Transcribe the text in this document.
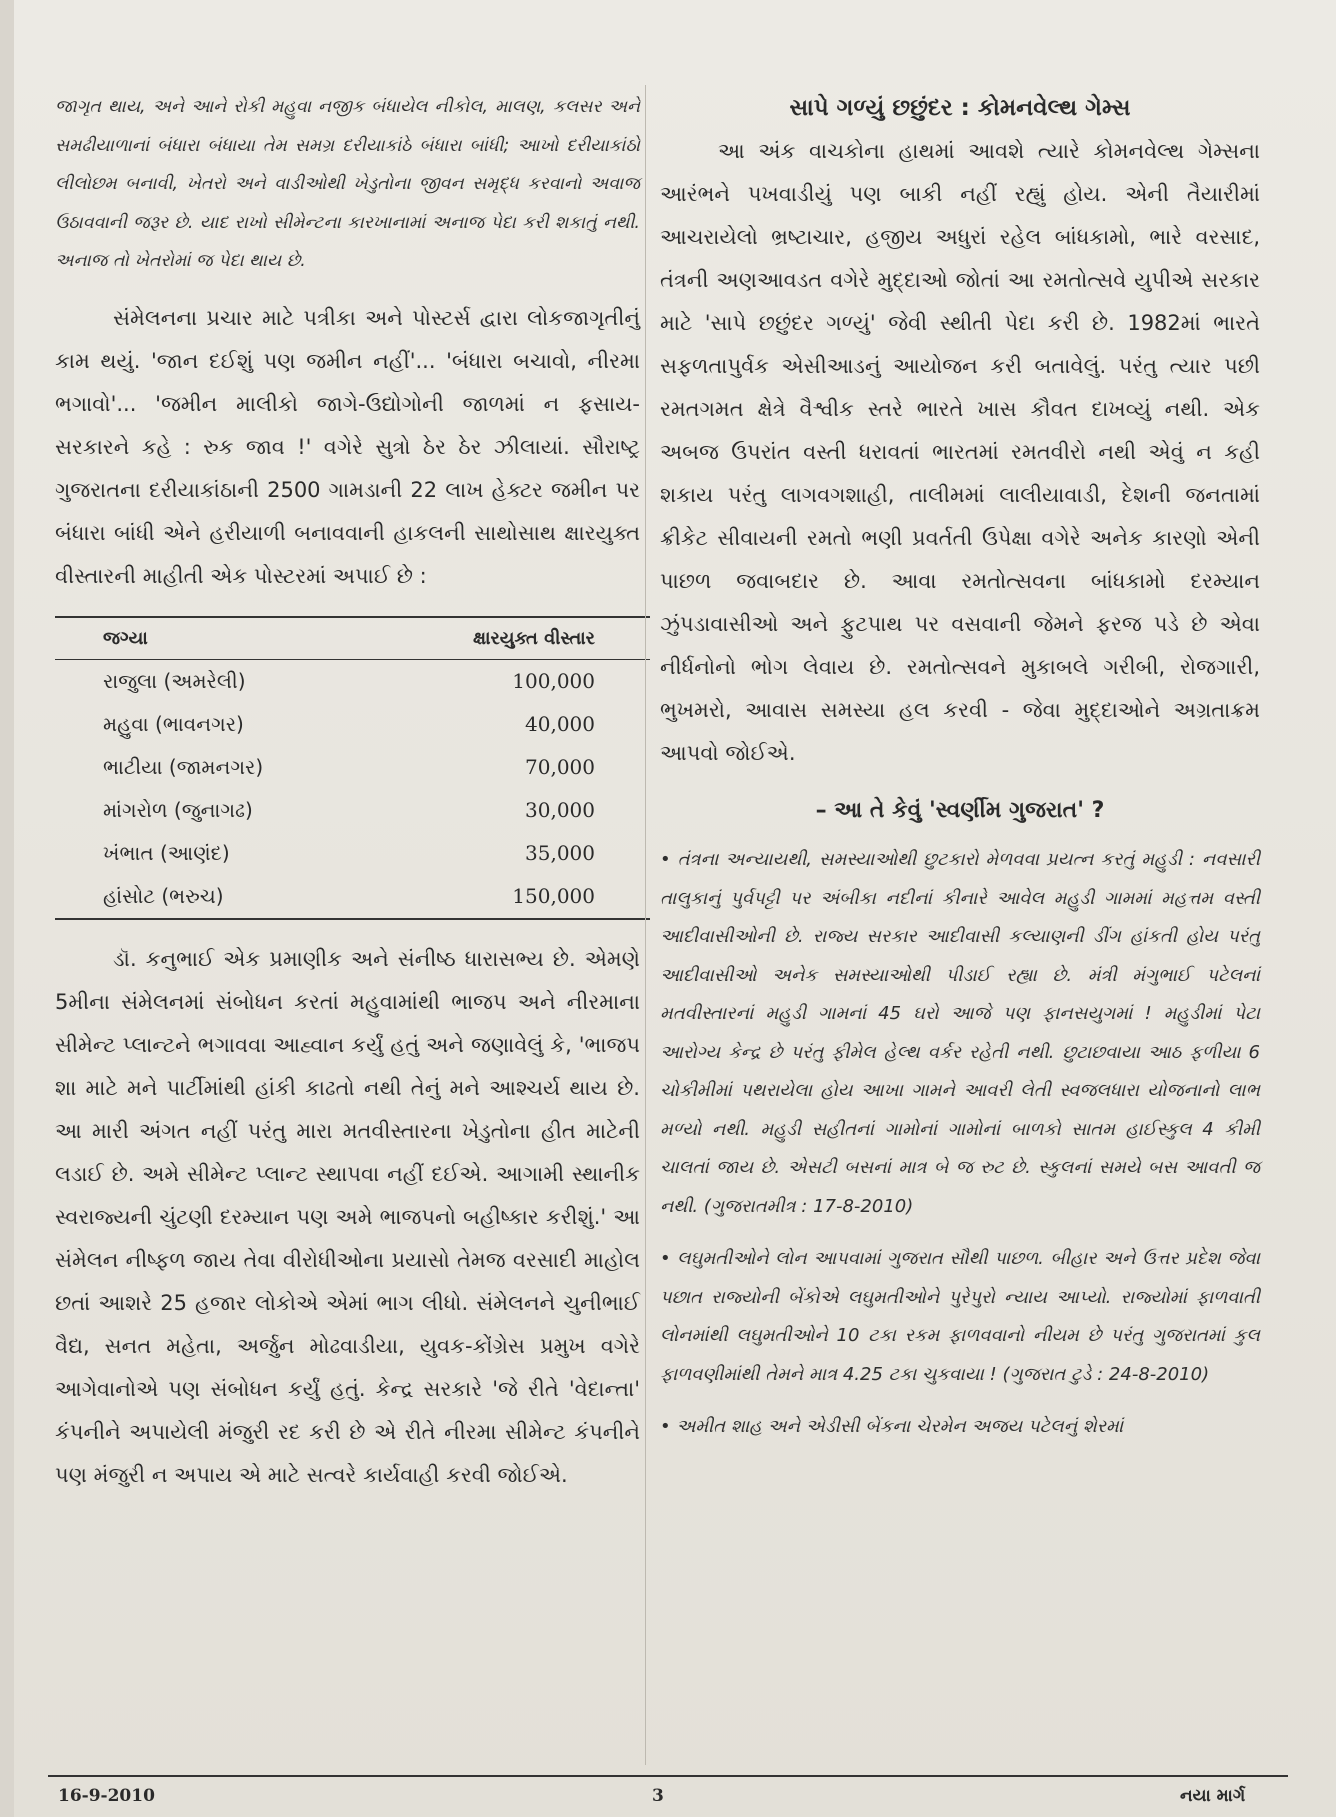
જાગૃત થાય, અને આને રોકી મહુવા નજીક બંધાયેલ નીકોલ, માલણ, કલસર અને સમઢીયાળાનાં બંધારા બંધાયા તેમ સમગ્ર દરીયાકાંઠે બંધારા બાંધી; આખો દરીયાકાંઠો લીલોછમ બનાવી, ખેતરો અને વાડીઓથી ખેડુતોના જીવન સમૃદ્ધ કરવાનો અવાજ ઉઠાવવાની જરૂર છે. યાદ રાખો સીમેન્ટના કારખાનામાં અનાજ પેદા કરી શકાતું નથી. અનાજ તો ખેતરોમાં જ પેદા થાય છે.

સંમેલનના પ્રચાર માટે પત્રીકા અને પોસ્ટર્સ દ્વારા લોકજાગૃતીનું કામ થયું. 'જાન દઈશું પણ જમીન નહીં'... 'બંધારા બચાવો, નીરમા ભગાવો'... 'જમીન માલીકો જાગે-ઉદ્યોગોની જાળમાં ન ફસાય-સરકારને કહે : રુક જાવ !' વગેરે સુત્રો ઠેર ઠેર ઝીલાયાં. સૌરાષ્ટ્ર ગુજરાતના દરીયાકાંઠાની 2500 ગામડાની 22 લાખ હેક્ટર જમીન પર બંધારા બાંધી એને હરીયાળી બનાવવાની હાકલની સાથોસાથ ક્ષારયુક્ત વીસ્તારની માહીતી એક પોસ્ટરમાં અપાઈ છે :

જગ્યા	ક્ષારયુક્ત વીસ્તાર
રાજુલા (અમરેલી)	100,000
મહુવા (ભાવનગર)	40,000
ભાટીયા (જામનગર)	70,000
માંગરોળ (જુનાગઢ)	30,000
ખંભાત (આણંદ)	35,000
હાંસોટ (ભરુચ)	150,000

ડૉ. કનુભાઈ એક પ્રમાણીક અને સંનીષ્ઠ ધારાસભ્ય છે. એમણે 5મીના સંમેલનમાં સંબોધન કરતાં મહુવામાંથી ભાજપ અને નીરમાના સીમેન્ટ પ્લાન્ટને ભગાવવા આહ્વાન કર્યું હતું અને જણાવેલું કે, 'ભાજપ શા માટે મને પાર્ટીમાંથી હાંકી કાઢતો નથી તેનું મને આશ્ચર્ય થાય છે. આ મારી અંગત નહીં પરંતુ મારા મતવીસ્તારના ખેડુતોના હીત માટેની લડાઈ છે. અમે સીમેન્ટ પ્લાન્ટ સ્થાપવા નહીં દઈએ. આગામી સ્થાનીક સ્વરાજ્યની ચુંટણી દરમ્યાન પણ અમે ભાજપનો બહીષ્કાર કરીશું.' આ સંમેલન નીષ્ફળ જાય તેવા વીરોધીઓના પ્રયાસો તેમજ વરસાદી માહોલ છતાં આશરે 25 હજાર લોકોએ એમાં ભાગ લીધો. સંમેલનને ચુનીભાઈ વૈદ્ય, સનત મહેતા, અર્જુન મોઢવાડીયા, યુવક-કોંગ્રેસ પ્રમુખ વગેરે આગેવાનોએ પણ સંબોધન કર્યું હતું. કેન્દ્ર સરકારે 'જે રીતે 'વેદાન્તા' કંપનીને અપાયેલી મંજુરી રદ કરી છે એ રીતે નીરમા સીમેન્ટ કંપનીને પણ મંજુરી ન અપાય એ માટે સત્વરે કાર્યવાહી કરવી જોઈએ.

સાપે ગળ્યું છછુંદર : કોમનવેલ્થ ગેમ્સ

આ અંક વાચકોના હાથમાં આવશે ત્યારે કોમનવેલ્થ ગેમ્સના આરંભને પખવાડીયું પણ બાકી નહીં રહ્યું હોય. એની તૈયારીમાં આચરાયેલો ભ્રષ્ટાચાર, હજીય અધુરાં રહેલ બાંધકામો, ભારે વરસાદ, તંત્રની અણઆવડત વગેરે મુદ્દાઓ જોતાં આ રમતોત્સવે યુપીએ સરકાર માટે 'સાપે છછુંદર ગળ્યું' જેવી સ્થીતી પેદા કરી છે. 1982માં ભારતે સફળતાપુર્વક એસીઆડનું આયોજન કરી બતાવેલું. પરંતુ ત્યાર પછી રમતગમત ક્ષેત્રે વૈશ્વીક સ્તરે ભારતે ખાસ કૌવત દાખવ્યું નથી. એક અબજ ઉપરાંત વસ્તી ધરાવતાં ભારતમાં રમતવીરો નથી એવું ન કહી શકાય પરંતુ લાગવગશાહી, તાલીમમાં લાલીયાવાડી, દેશની જનતામાં ક્રીકેટ સીવાયની રમતો ભણી પ્રવર્તતી ઉપેક્ષા વગેરે અનેક કારણો એની પાછળ જવાબદાર છે. આવા રમતોત્સવના બાંધકામો દરમ્યાન ઝુંપડાવાસીઓ અને ફુટપાથ પર વસવાની જેમને ફરજ પડે છે એવા નીર્ધનોનો ભોગ લેવાય છે. રમતોત્સવને મુકાબલે ગરીબી, રોજગારી, ભુખમરો, આવાસ સમસ્યા હલ કરવી - જેવા મુદ્દાઓને અગ્રતાક્રમ આપવો જોઈએ.

– આ તે કેવું 'સ્વર્ણીમ ગુજરાત' ?

• તંત્રના અન્યાયથી, સમસ્યાઓથી છુટકારો મેળવવા પ્રયત્ન કરતું મહુડી : નવસારી તાલુકાનું પુર્વપટ્ટી પર અંબીકા નદીનાં કીનારે આવેલ મહુડી ગામમાં મહત્તમ વસ્તી આદીવાસીઓની છે. રાજ્ય સરકાર આદીવાસી કલ્યાણની ડીંગ હાંકતી હોય પરંતુ આદીવાસીઓ અનેક સમસ્યાઓથી પીડાઈ રહ્યા છે. મંત્રી મંગુભાઈ પટેલનાં મતવીસ્તારનાં મહુડી ગામનાં 45 ઘરો આજે પણ ફાનસયુગમાં ! મહુડીમાં પેટા આરોગ્ય કેન્દ્ર છે પરંતુ ફીમેલ હેલ્થ વર્કર રહેતી નથી. છુટાછવાયા આઠ ફળીયા 6 ચોકીમીમાં પથરાયેલા હોય આખા ગામને આવરી લેતી સ્વજલધારા યોજનાનો લાભ મળ્યો નથી. મહુડી સહીતનાં ગામોનાં ગામોનાં બાળકો સાતમ હાઈસ્કુલ 4 કીમી ચાલતાં જાય છે. એસટી બસનાં માત્ર બે જ રુટ છે. સ્કુલનાં સમયે બસ આવતી જ નથી. (ગુજરાતમીત્ર : 17-8-2010)

• લઘુમતીઓને લોન આપવામાં ગુજરાત સૌથી પાછળ. બીહાર અને ઉત્તર પ્રદેશ જેવા પછાત રાજ્યોની બેંકોએ લઘુમતીઓને પુરેપુરો ન્યાય આપ્યો. રાજ્યોમાં ફાળવાતી લોનમાંથી લઘુમતીઓને 10 ટકા રકમ ફાળવવાનો નીયમ છે પરંતુ ગુજરાતમાં કુલ ફાળવણીમાંથી તેમને માત્ર 4.25 ટકા ચુકવાયા ! (ગુજરાત ટુડે : 24-8-2010)

• અમીત શાહ અને એડીસી બેંકના ચેરમેન અજય પટેલનું શેરમાં

16-9-2010	3	નયા માર્ગ
